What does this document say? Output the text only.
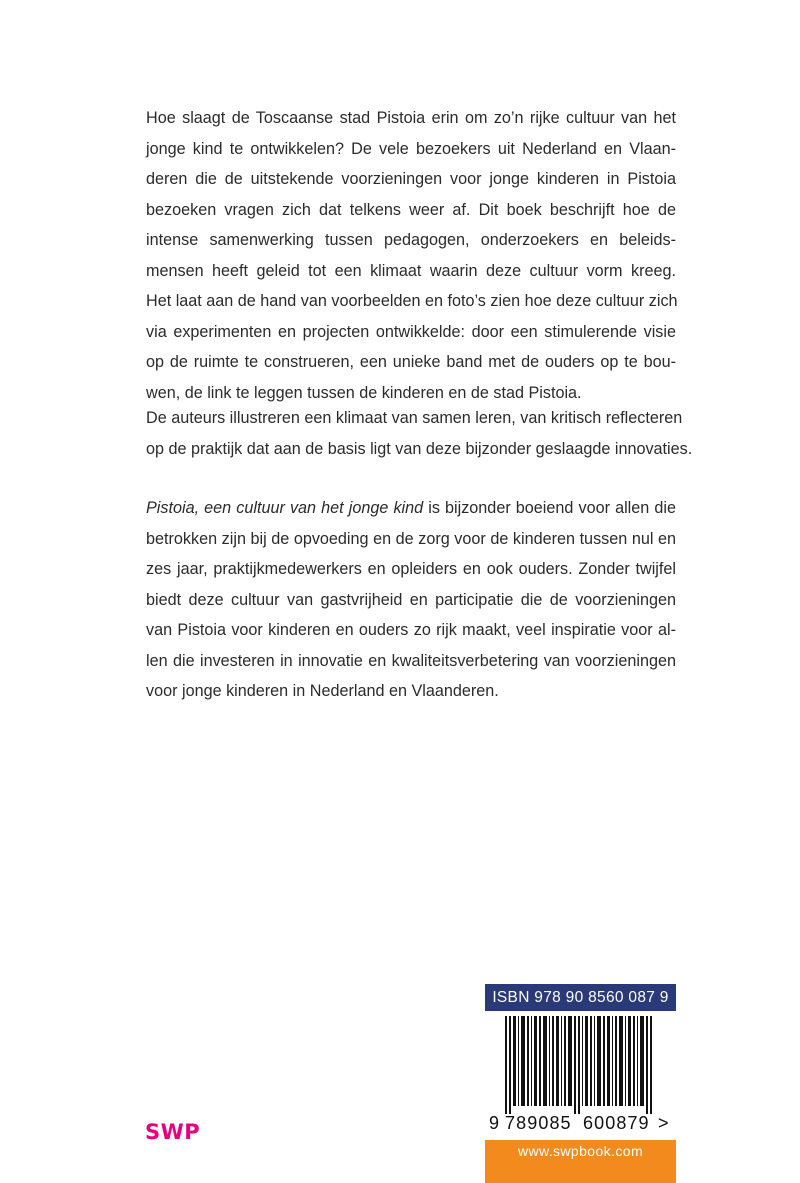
Hoe slaagt de Toscaanse stad Pistoia erin om zo’n rijke cultuur van het
jonge kind te ontwikkelen? De vele bezoekers uit Nederland en Vlaan-
deren die de uitstekende voorzieningen voor jonge kinderen in Pistoia
bezoeken vragen zich dat telkens weer af. Dit boek beschrijft hoe de
intense samenwerking tussen pedagogen, onderzoekers en beleids-
mensen heeft geleid tot een klimaat waarin deze cultuur vorm kreeg.
Het laat aan de hand van voorbeelden en foto’s zien hoe deze cultuur zich
via experimenten en projecten ontwikkelde: door een stimulerende visie
op de ruimte te construeren, een unieke band met de ouders op te bou-
wen, de link te leggen tussen de kinderen en de stad Pistoia.
De auteurs illustreren een klimaat van samen leren, van kritisch reflecteren
op de praktijk dat aan de basis ligt van deze bijzonder geslaagde innovaties.
Pistoia, een cultuur van het jonge kind is bijzonder boeiend voor allen die
betrokken zijn bij de opvoeding en de zorg voor de kinderen tussen nul en
zes jaar, praktijkmedewerkers en opleiders en ook ouders. Zonder twijfel
biedt deze cultuur van gastvrijheid en participatie die de voorzieningen
van Pistoia voor kinderen en ouders zo rijk maakt, veel inspiratie voor al-
len die investeren in innovatie en kwaliteitsverbetering van voorzieningen
voor jonge kinderen in Nederland en Vlaanderen.
SWP
ISBN 978 90 8560 087 9
9 789085 600879 >
www.swpbook.com
